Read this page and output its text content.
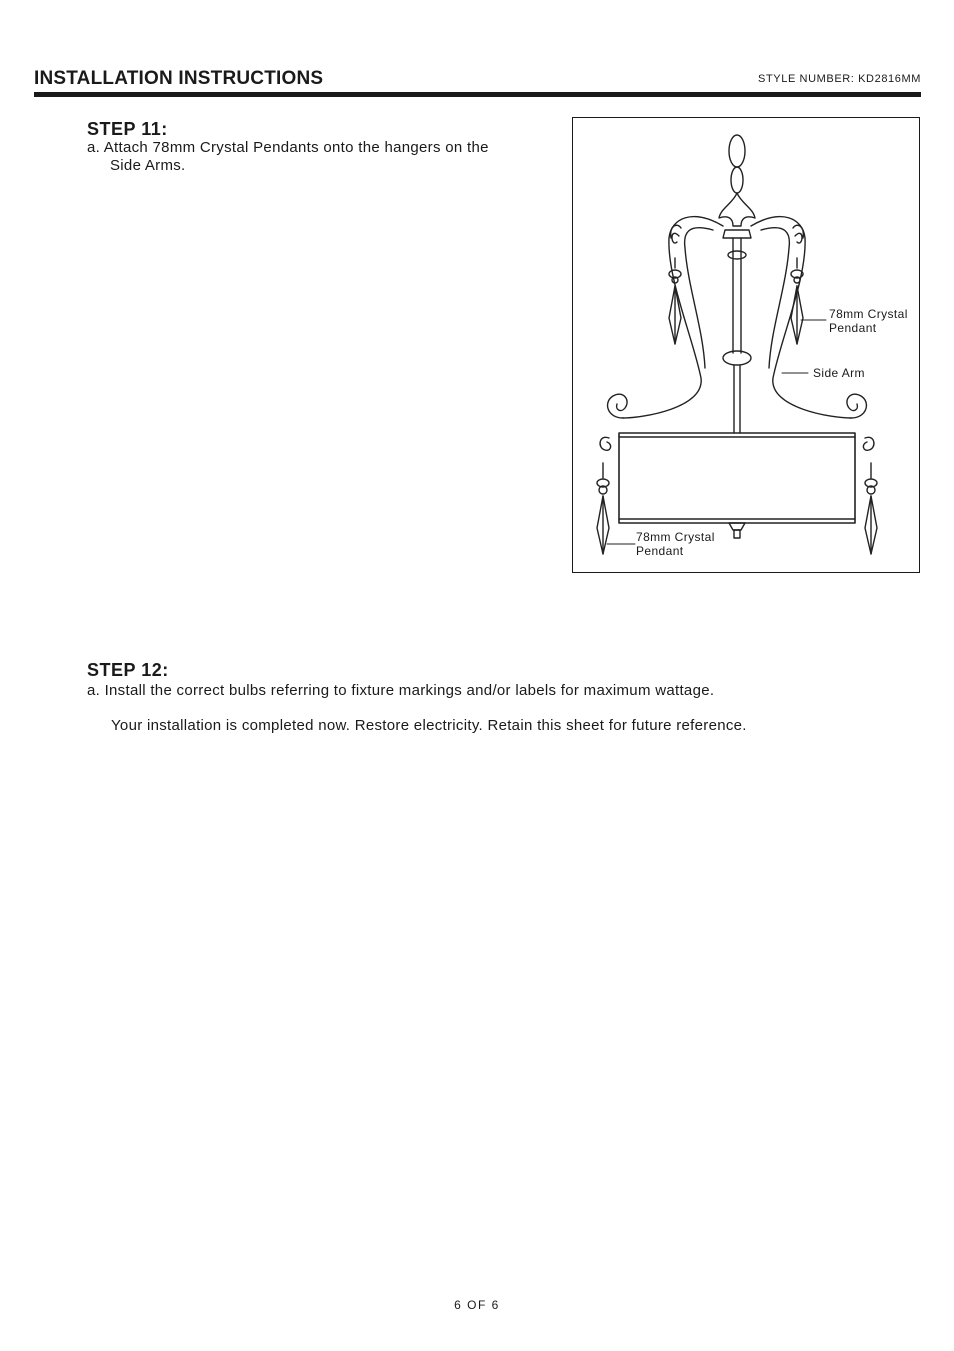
INSTALLATION INSTRUCTIONS	STYLE NUMBER: KD2816MM
STEP 11:
a. Attach 78mm Crystal Pendants onto the hangers on the
Side Arms.
78mm Crystal
Pendant
Side Arm
78mm Crystal
Pendant
STEP 12:
a. Install the correct bulbs referring to fixture markings and/or labels for maximum wattage.
Your installation is completed now. Restore electricity. Retain this sheet for future reference.
6 OF 6
